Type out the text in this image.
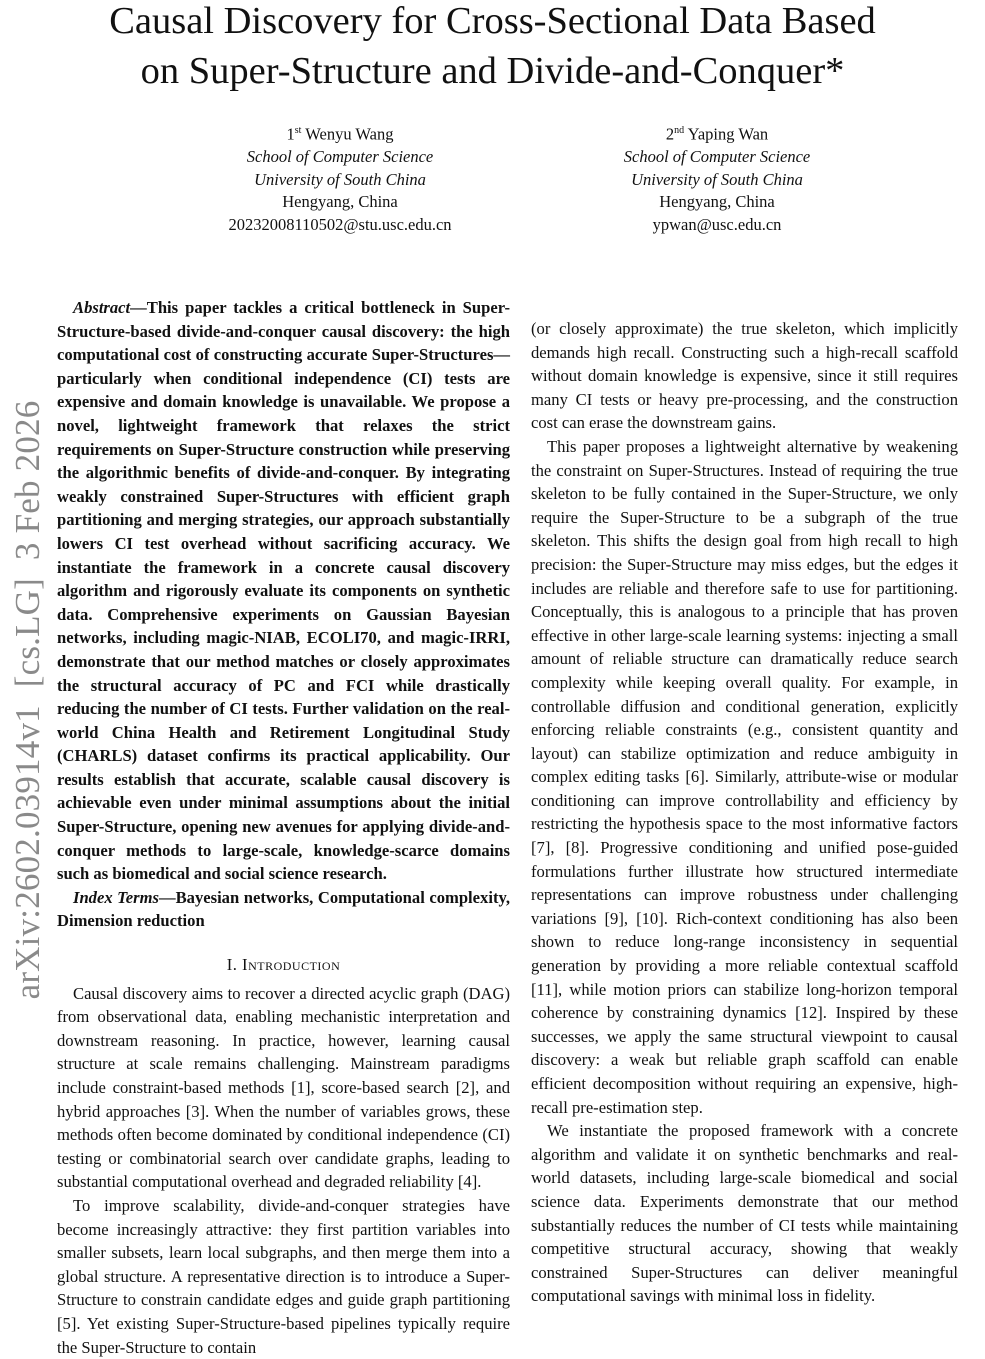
Causal Discovery for Cross-Sectional Data Based
on Super-Structure and Divide-and-Conquer*
1st Wenyu Wang
School of Computer Science
University of South China
Hengyang, China
20232008110502@stu.usc.edu.cn
2nd Yaping Wan
School of Computer Science
University of South China
Hengyang, China
ypwan@usc.edu.cn
arXiv:2602.03914v1  [cs.LG]  3 Feb 2026

Abstract—This paper tackles a critical bottleneck in Super-Structure-based divide-and-conquer causal discovery: the high computational cost of constructing accurate Super-Structures—particularly when conditional independence (CI) tests are expensive and domain knowledge is unavailable. We propose a novel, lightweight framework that relaxes the strict requirements on Super-Structure construction while preserving the algorithmic benefits of divide-and-conquer. By integrating weakly constrained Super-Structures with efficient graph partitioning and merging strategies, our approach substantially lowers CI test overhead without sacrificing accuracy. We instantiate the framework in a concrete causal discovery algorithm and rigorously evaluate its components on synthetic data. Comprehensive experiments on Gaussian Bayesian networks, including magic-NIAB, ECOLI70, and magic-IRRI, demonstrate that our method matches or closely approximates the structural accuracy of PC and FCI while drastically reducing the number of CI tests. Further validation on the real-world China Health and Retirement Longitudinal Study (CHARLS) dataset confirms its practical applicability. Our results establish that accurate, scalable causal discovery is achievable even under minimal assumptions about the initial Super-Structure, opening new avenues for applying divide-and-conquer methods to large-scale, knowledge-scarce domains such as biomedical and social science research.

Index Terms—Bayesian networks, Computational complexity, Dimension reduction

I. Introduction

Causal discovery aims to recover a directed acyclic graph (DAG) from observational data, enabling mechanistic interpretation and downstream reasoning. In practice, however, learning causal structure at scale remains challenging. Mainstream paradigms include constraint-based methods [1], score-based search [2], and hybrid approaches [3]. When the number of variables grows, these methods often become dominated by conditional independence (CI) testing or combinatorial search over candidate graphs, leading to substantial computational overhead and degraded reliability [4].

To improve scalability, divide-and-conquer strategies have become increasingly attractive: they first partition variables into smaller subsets, learn local subgraphs, and then merge them into a global structure. A representative direction is to introduce a Super-Structure to constrain candidate edges and guide graph partitioning [5]. Yet existing Super-Structure-based pipelines typically require the Super-Structure to contain

(or closely approximate) the true skeleton, which implicitly demands high recall. Constructing such a high-recall scaffold without domain knowledge is expensive, since it still requires many CI tests or heavy pre-processing, and the construction cost can erase the downstream gains.

This paper proposes a lightweight alternative by weakening the constraint on Super-Structures. Instead of requiring the true skeleton to be fully contained in the Super-Structure, we only require the Super-Structure to be a subgraph of the true skeleton. This shifts the design goal from high recall to high precision: the Super-Structure may miss edges, but the edges it includes are reliable and therefore safe to use for partitioning. Conceptually, this is analogous to a principle that has proven effective in other large-scale learning systems: injecting a small amount of reliable structure can dramatically reduce search complexity while keeping overall quality. For example, in controllable diffusion and conditional generation, explicitly enforcing reliable constraints (e.g., consistent quantity and layout) can stabilize optimization and reduce ambiguity in complex editing tasks [6]. Similarly, attribute-wise or modular conditioning can improve controllability and efficiency by restricting the hypothesis space to the most informative factors [7], [8]. Progressive conditioning and unified pose-guided formulations further illustrate how structured intermediate representations can improve robustness under challenging variations [9], [10]. Rich-context conditioning has also been shown to reduce long-range inconsistency in sequential generation by providing a more reliable contextual scaffold [11], while motion priors can stabilize long-horizon temporal coherence by constraining dynamics [12]. Inspired by these successes, we apply the same structural viewpoint to causal discovery: a weak but reliable graph scaffold can enable efficient decomposition without requiring an expensive, high-recall pre-estimation step.

We instantiate the proposed framework with a concrete algorithm and validate it on synthetic benchmarks and real-world datasets, including large-scale biomedical and social science data. Experiments demonstrate that our method substantially reduces the number of CI tests while maintaining competitive structural accuracy, showing that weakly constrained Super-Structures can deliver meaningful computational savings with minimal loss in fidelity.
